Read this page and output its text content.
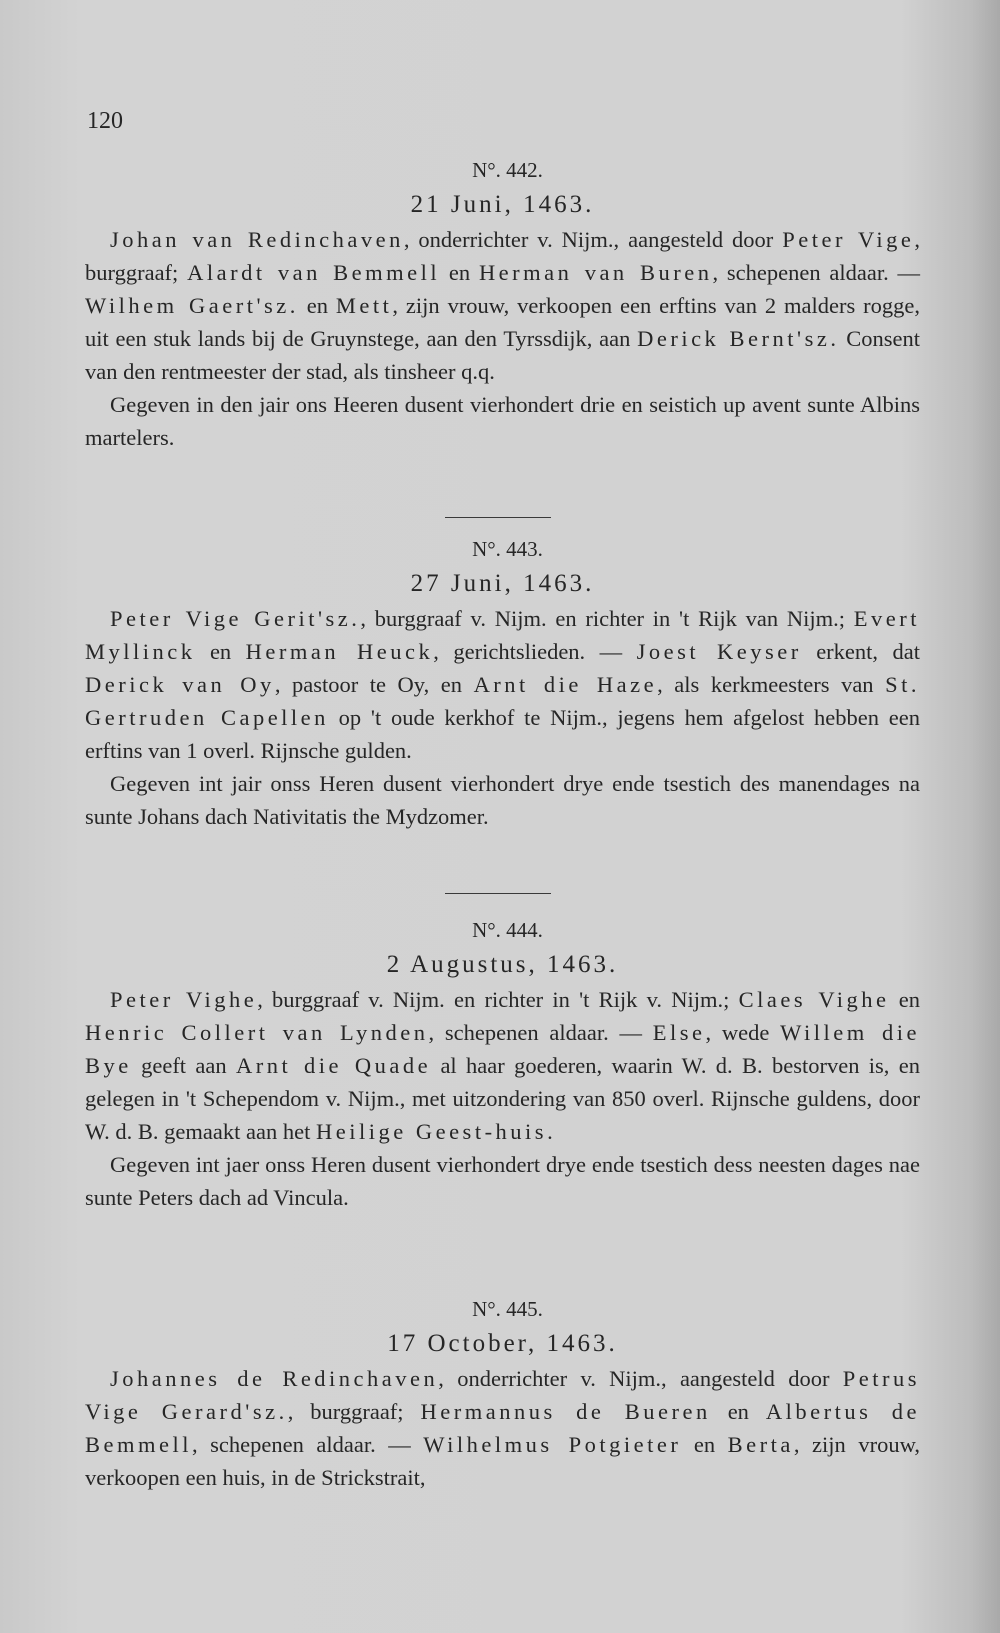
120
N°. 442.
21 Juni, 1463.

Johan van Redinchaven, onderrichter v. Nijm., aangesteld door Peter Vige, burggraaf; Alardt van Bemmell en Herman van Buren, schepenen aldaar. — Wilhem Gaert'sz. en Mett, zijn vrouw, verkoopen een erftins van 2 malders rogge, uit een stuk lands bij de Gruynstege, aan den Tyrssdijk, aan Derick Bernt'sz. Consent van den rentmeester der stad, als tinsheer q.q.

Gegeven in den jair ons Heeren dusent vierhondert drie en seistich up avent sunte Albins martelers.

N°. 443.
27 Juni, 1463.

Peter Vige Gerit'sz., burggraaf v. Nijm. en richter in 't Rijk van Nijm.; Evert Myllinck en Herman Heuck, gerichtslieden. — Joest Keyser erkent, dat Derick van Oy, pastoor te Oy, en Arnt die Haze, als kerkmeesters van St. Gertruden Capellen op 't oude kerkhof te Nijm., jegens hem afgelost hebben een erftins van 1 overl. Rijnsche gulden.

Gegeven int jair onss Heren dusent vierhondert drye ende tsestich des manendages na sunte Johans dach Nativitatis the Mydzomer.

N°. 444.
2 Augustus, 1463.

Peter Vighe, burggraaf v. Nijm. en richter in 't Rijk v. Nijm.; Claes Vighe en Henric Collert van Lynden, schepenen aldaar. — Else, wede Willem die Bye geeft aan Arnt die Quade al haar goederen, waarin W. d. B. bestorven is, en gelegen in 't Schependom v. Nijm., met uitzondering van 850 overl. Rijnsche guldens, door W. d. B. gemaakt aan het Heilige Geest-huis.

Gegeven int jaer onss Heren dusent vierhondert drye ende tsestich dess neesten dages nae sunte Peters dach ad Vincula.

N°. 445.
17 October, 1463.

Johannes de Redinchaven, onderrichter v. Nijm., aangesteld door Petrus Vige Gerard'sz., burggraaf; Hermannus de Bueren en Albertus de Bemmell, schepenen aldaar. — Wilhelmus Potgieter en Berta, zijn vrouw, verkoopen een huis, in de Strickstrait,
